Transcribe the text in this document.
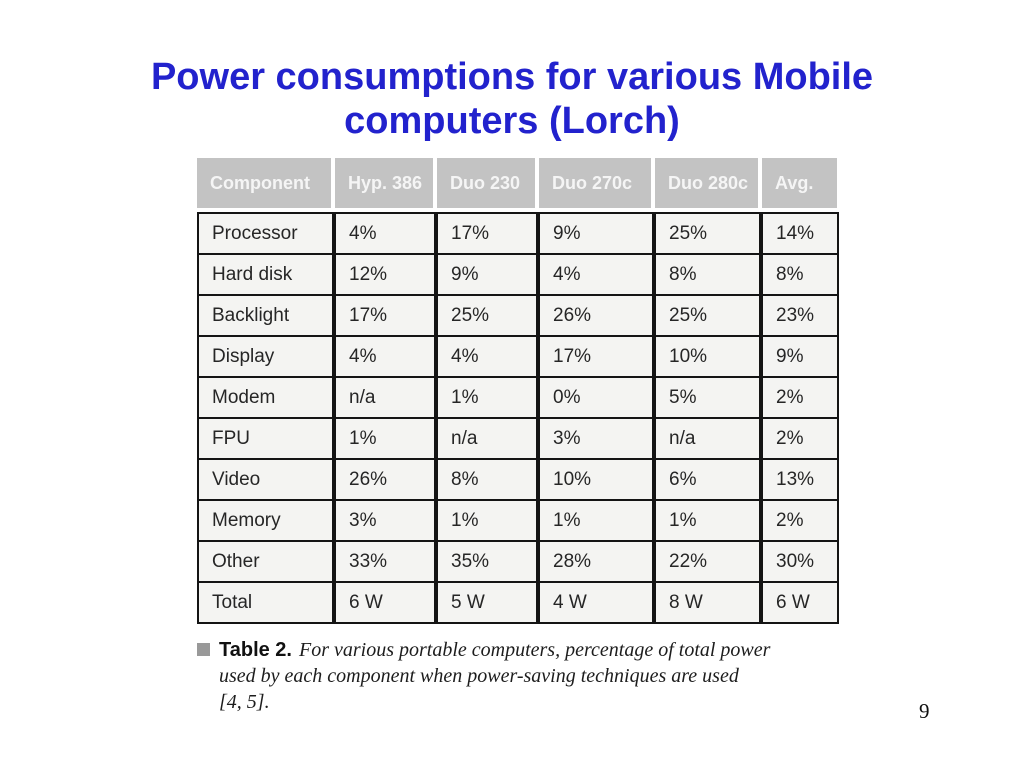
Power consumptions for various Mobile
computers (Lorch)
Component	Hyp. 386	Duo 230	Duo 270c	Duo 280c	Avg.
Processor	4%	17%	9%	25%	14%
Hard disk	12%	9%	4%	8%	8%
Backlight	17%	25%	26%	25%	23%
Display	4%	4%	17%	10%	9%
Modem	n/a	1%	0%	5%	2%
FPU	1%	n/a	3%	n/a	2%
Video	26%	8%	10%	6%	13%
Memory	3%	1%	1%	1%	2%
Other	33%	35%	28%	22%	30%
Total	6 W	5 W	4 W	8 W	6 W
Table 2. For various portable computers, percentage of total power
used by each component when power-saving techniques are used
[4, 5].	9
